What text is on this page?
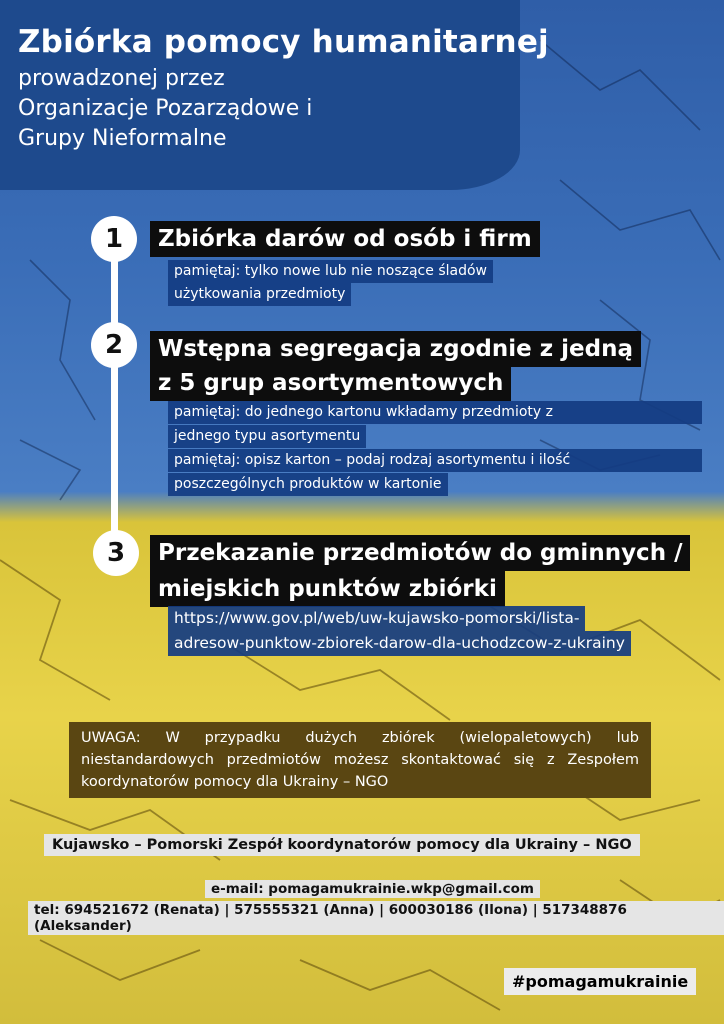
Zbiórka pomocy humanitarnej
prowadzonej przez
Organizacje Pozarządowe i
Grupy Nieformalne
1	Zbiórka darów od osób i firm
pamiętaj: tylko nowe lub nie noszące śladów
użytkowania przedmioty
2	Wstępna segregacja zgodnie z jedną
z 5 grup asortymentowych
pamiętaj: do jednego kartonu wkładamy przedmioty z
jednego typu asortymentu
pamiętaj: opisz karton – podaj rodzaj asortymentu i ilość
poszczególnych produktów w kartonie
3	Przekazanie przedmiotów do gminnych /
miejskich punktów zbiórki
https://www.gov.pl/web/uw-kujawsko-pomorski/lista-
adresow-punktow-zbiorek-darow-dla-uchodzcow-z-ukrainy
UWAGA: W przypadku dużych zbiórek (wielopaletowych) lub niestandardowych przedmiotów możesz skontaktować się z Zespołem koordynatorów pomocy dla Ukrainy – NGO
Kujawsko – Pomorski Zespół koordynatorów pomocy dla Ukrainy – NGO
e-mail: pomagamukrainie.wkp@gmail.com
tel: 694521672 (Renata) | 575555321 (Anna) | 600030186 (Ilona) | 517348876 (Aleksander)
#pomagamukrainie
